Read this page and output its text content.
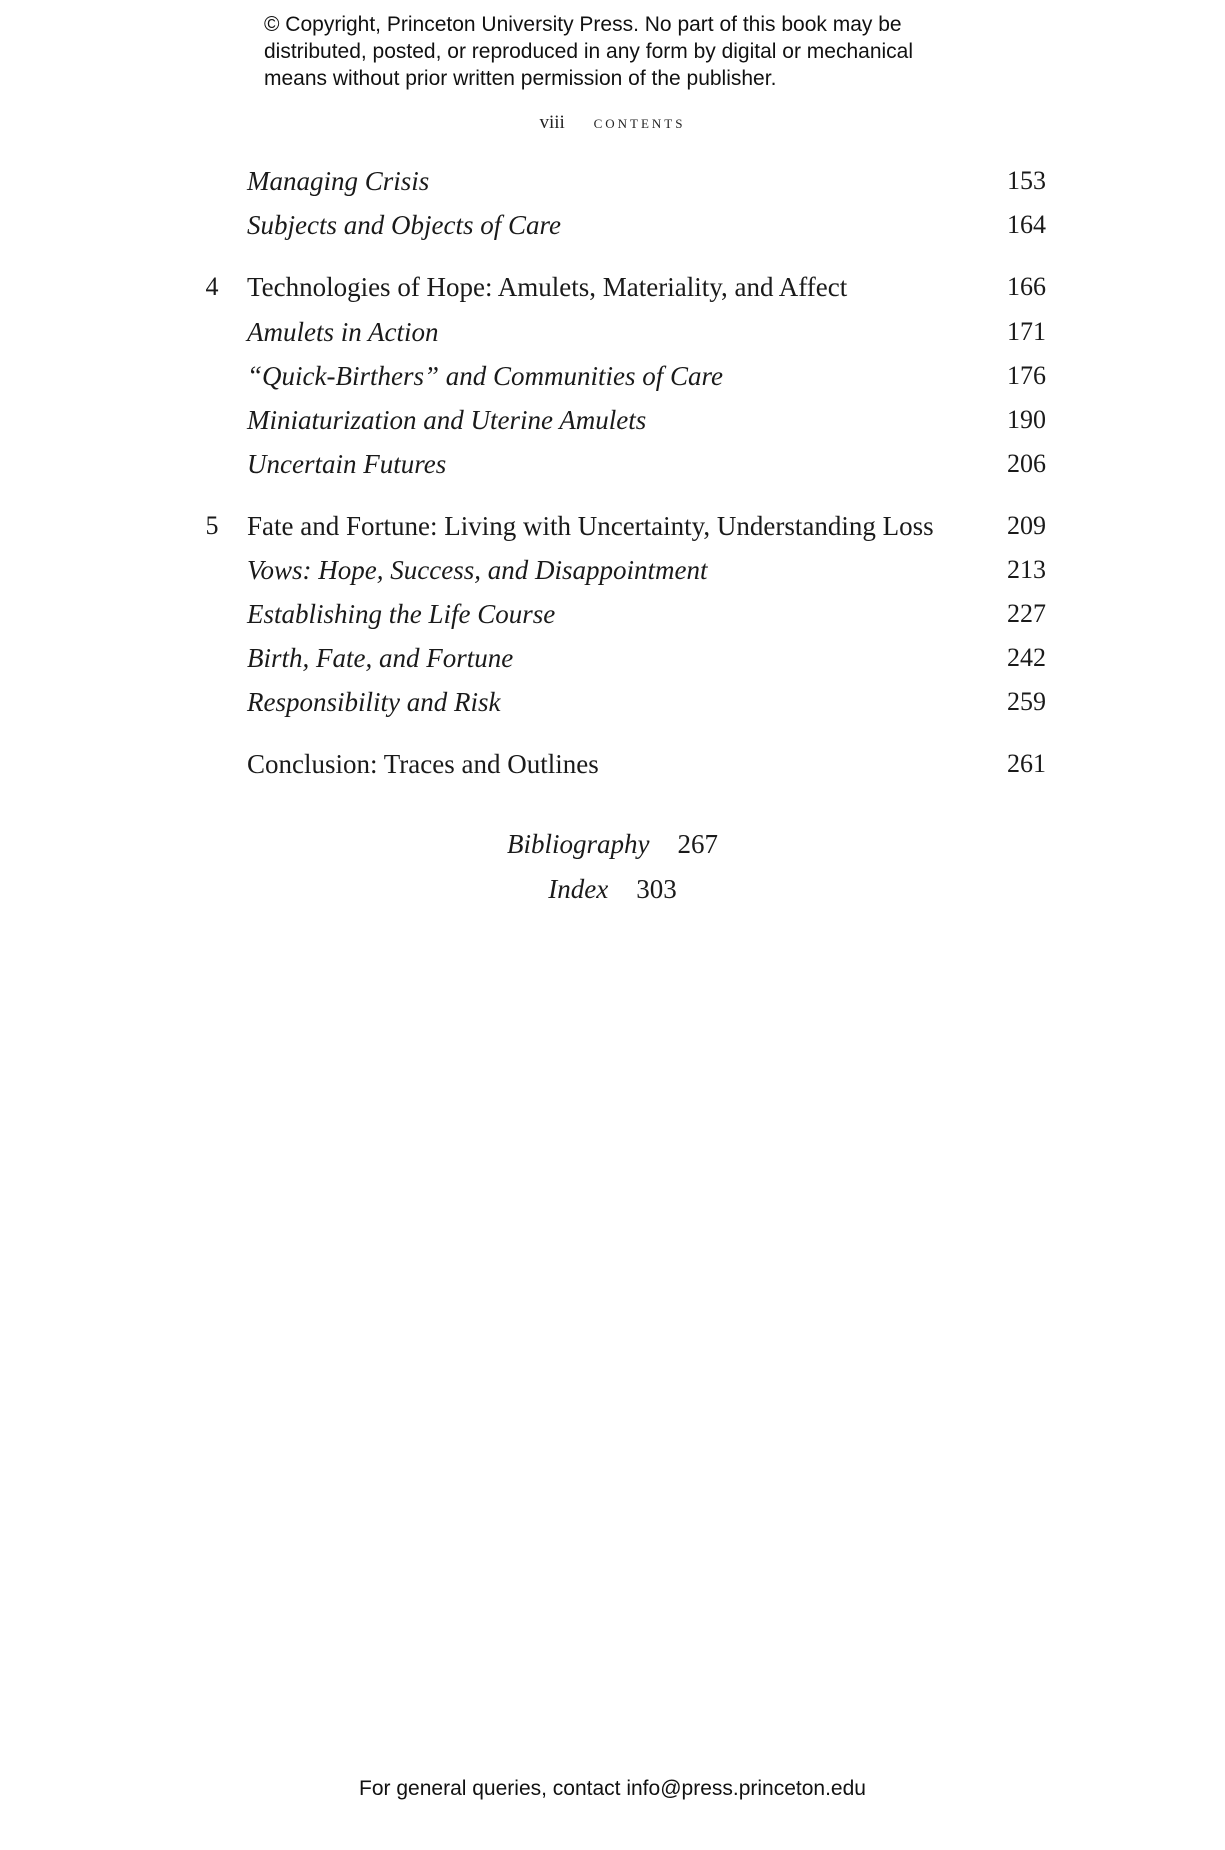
© Copyright, Princeton University Press. No part of this book may be
distributed, posted, or reproduced in any form by digital or mechanical
means without prior written permission of the publisher.
viii contents
Managing Crisis	153
Subjects and Objects of Care	164
4 Technologies of Hope: Amulets, Materiality, and Affect	166
Amulets in Action	171
“Quick-Birthers” and Communities of Care	176
Miniaturization and Uterine Amulets	190
Uncertain Futures	206
5 Fate and Fortune: Living with Uncertainty, Understanding Loss	209
Vows: Hope, Success, and Disappointment	213
Establishing the Life Course	227
Birth, Fate, and Fortune	242
Responsibility and Risk	259
Conclusion: Traces and Outlines	261
Bibliography 267
Index 303
For general queries, contact info@press.princeton.edu
